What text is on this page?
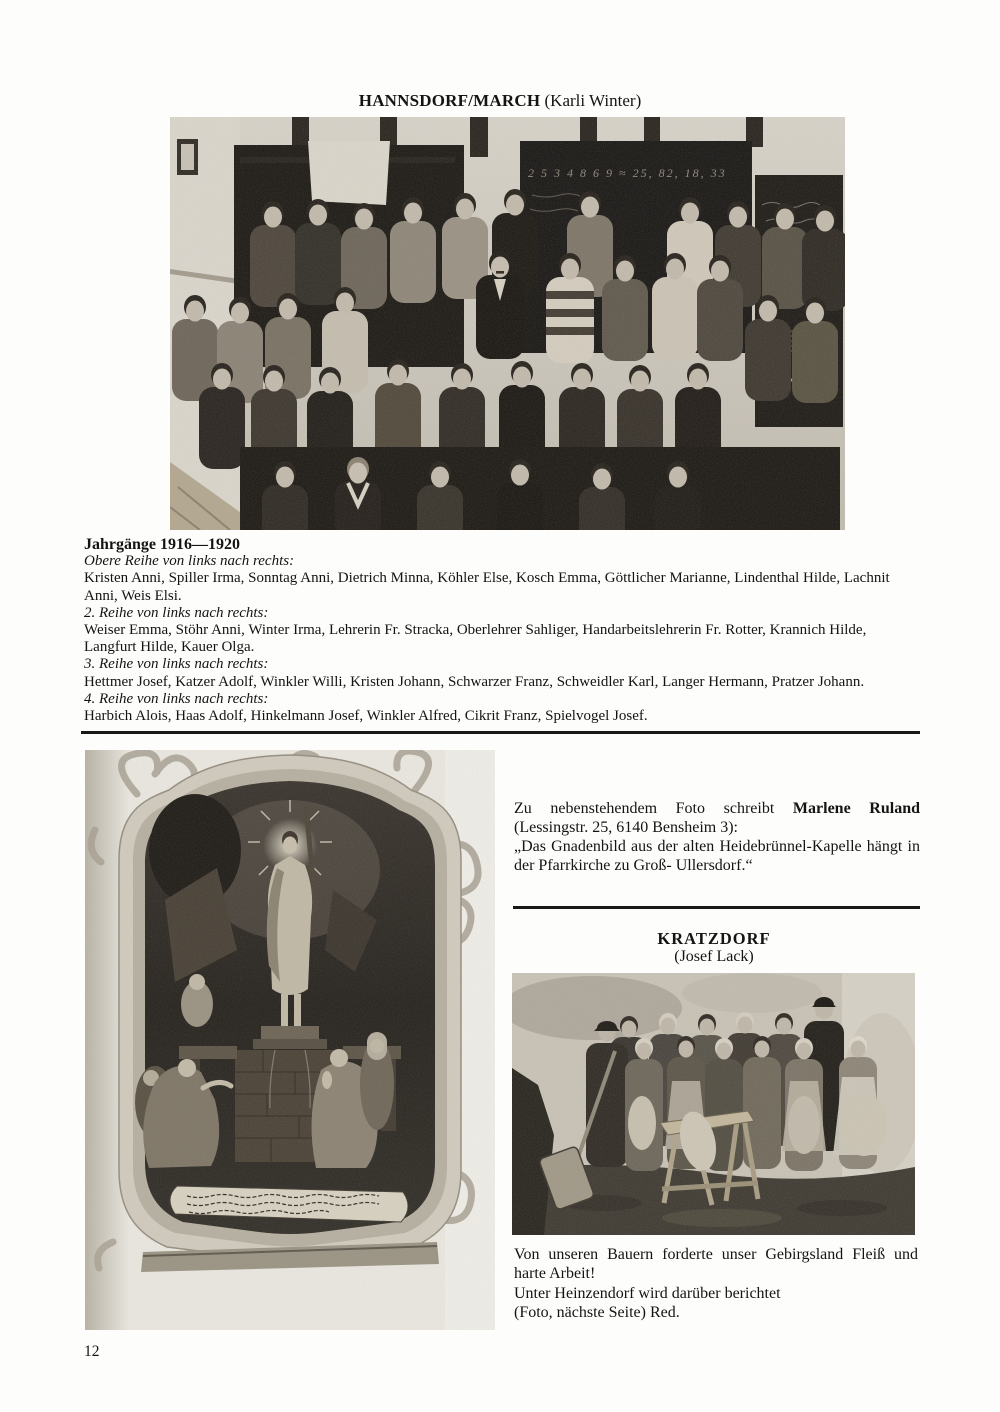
HANNSDORF/MARCH (Karli Winter)
Jahrgänge 1916—1920
Obere Reihe von links nach rechts:
Kristen Anni, Spiller Irma, Sonntag Anni, Dietrich Minna, Köhler Else, Kosch Emma, Göttlicher Marianne, Lindenthal Hilde, Lachnit Anni, Weis Elsi.
2. Reihe von links nach rechts:
Weiser Emma, Stöhr Anni, Winter Irma, Lehrerin Fr. Stracka, Oberlehrer Sahliger, Handarbeitslehrerin Fr. Rotter, Krannich Hilde, Langfurt Hilde, Kauer Olga.
3. Reihe von links nach rechts:
Hettmer Josef, Katzer Adolf, Winkler Willi, Kristen Johann, Schwarzer Franz, Schweidler Karl, Langer Hermann, Pratzer Johann.
4. Reihe von links nach rechts:
Harbich Alois, Haas Adolf, Hinkelmann Josef, Winkler Alfred, Cikrit Franz, Spielvogel Josef.
Zu nebenstehendem Foto schreibt Marlene Ruland (Lessingstr. 25, 6140 Bensheim 3):
„Das Gnadenbild aus der alten Heidebrünnel-Kapelle hängt in der Pfarrkirche zu Groß- Ullersdorf.“
KRATZDORF
(Josef Lack)

Von unseren Bauern forderte unser Gebirgsland Fleiß und harte Arbeit!

Unter Heinzendorf wird darüber berichtet

(Foto, nächste Seite) Red.

12
